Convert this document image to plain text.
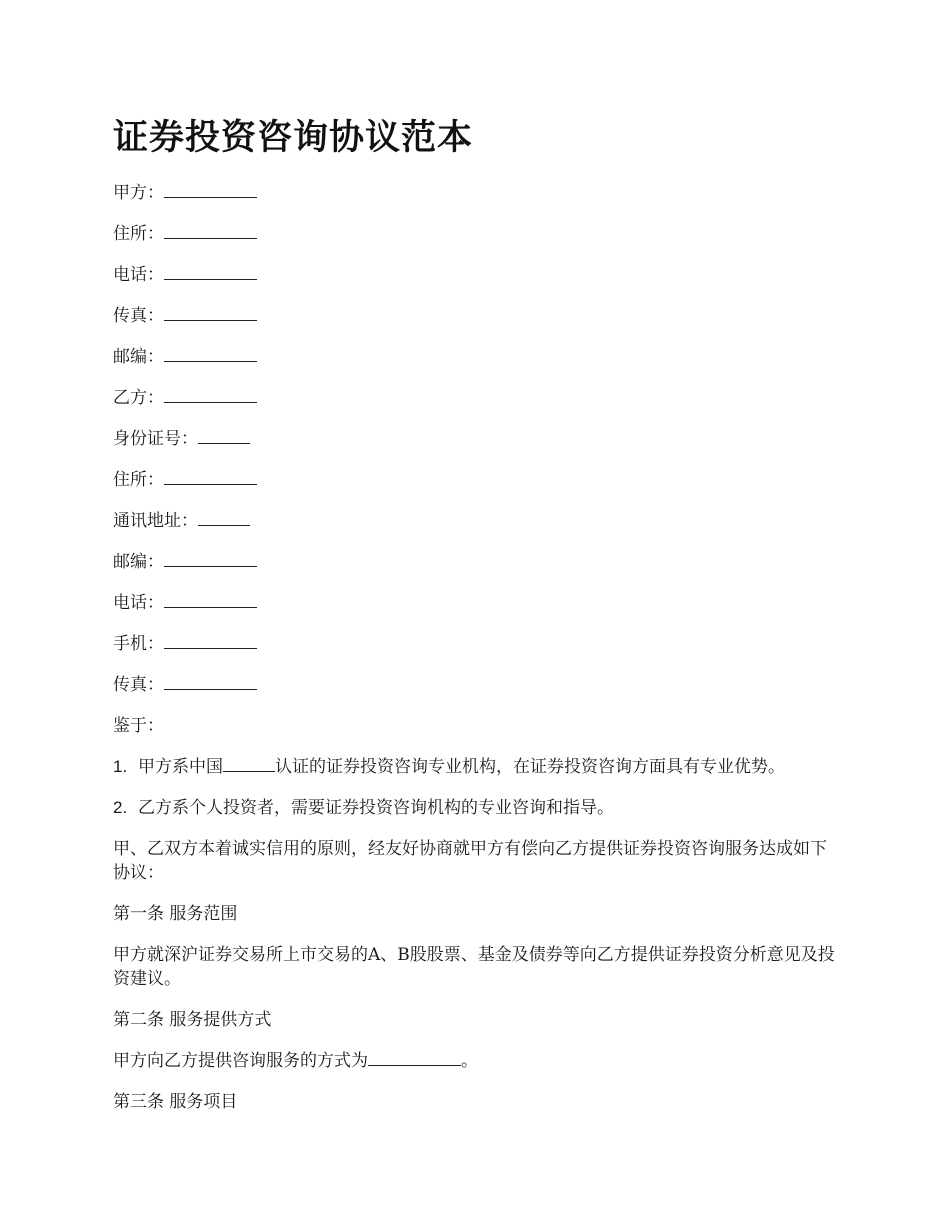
证券投资咨询协议范本
甲方：
住所：
电话：
传真：
邮编：
乙方：
身份证号：
住所：
通讯地址：
邮编：
电话：
手机：
传真：
鉴于：
1. 甲方系中国	认证的证券投资咨询专业机构，在证券投资咨询方面具有专业优势。
2. 乙方系个人投资者，需要证券投资咨询机构的专业咨询和指导。
甲、乙双方本着诚实信用的原则，经友好协商就甲方有偿向乙方提供证券投资咨询服务达成如下协议：
第一条 服务范围
甲方就深沪证券交易所上市交易的A、B股股票、基金及债券等向乙方提供证券投资分析意见及投资建议。
第二条 服务提供方式
甲方向乙方提供咨询服务的方式为	。
第三条 服务项目
